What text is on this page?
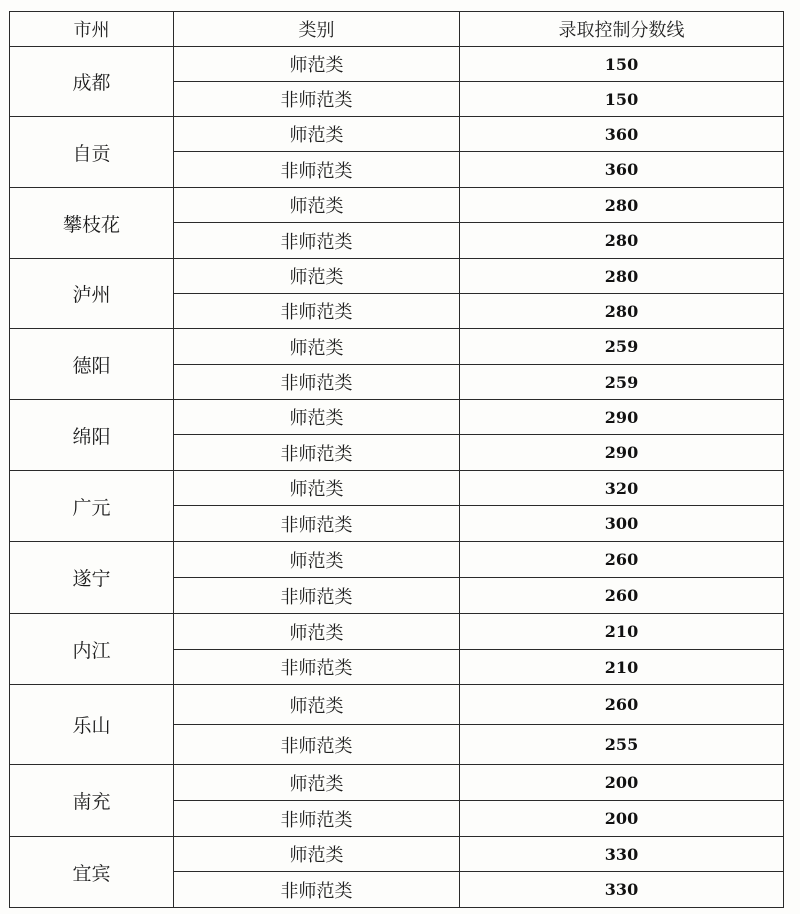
市州	类别	录取控制分数线
成都	师范类	150
	非师范类	150
自贡	师范类	360
	非师范类	360
攀枝花	师范类	280
	非师范类	280
泸州	师范类	280
	非师范类	280
德阳	师范类	259
	非师范类	259
绵阳	师范类	290
	非师范类	290
广元	师范类	320
	非师范类	300
遂宁	师范类	260
	非师范类	260
内江	师范类	210
	非师范类	210
乐山	师范类	260
	非师范类	255
南充	师范类	200
	非师范类	200
宜宾	师范类	330
	非师范类	330
